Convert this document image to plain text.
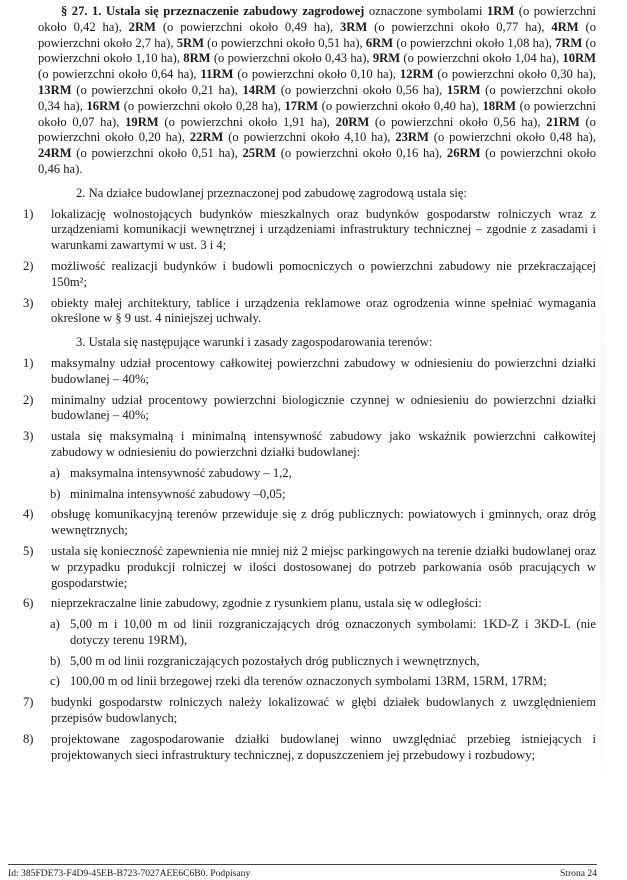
§ 27. 1. Ustala się przeznaczenie zabudowy zagrodowej oznaczone symbolami 1RM (o powierzchni około 0,42 ha), 2RM (o powierzchni około 0,49 ha), 3RM (o powierzchni około 0,77 ha), 4RM (o powierzchni około 2,7 ha), 5RM (o powierzchni około 0,51 ha), 6RM (o powierzchni około 1,08 ha), 7RM (o powierzchni około 1,10 ha), 8RM (o powierzchni około 0,43 ha), 9RM (o powierzchni około 1,04 ha), 10RM (o powierzchni około 0,64 ha), 11RM (o powierzchni około 0,10 ha), 12RM (o powierzchni około 0,30 ha), 13RM (o powierzchni około 0,21 ha), 14RM (o powierzchni około 0,56 ha), 15RM (o powierzchni około 0,34 ha), 16RM (o powierzchni około 0,28 ha), 17RM (o powierzchni około 0,40 ha), 18RM (o powierzchni około 0,07 ha), 19RM (o powierzchni około 1,91 ha), 20RM (o powierzchni około 0,56 ha), 21RM (o powierzchni około 0,20 ha), 22RM (o powierzchni około 4,10 ha), 23RM (o powierzchni około 0,48 ha), 24RM (o powierzchni około 0,51 ha), 25RM (o powierzchni około 0,16 ha), 26RM (o powierzchni około 0,46 ha).

2. Na działce budowlanej przeznaczonej pod zabudowę zagrodową ustala się:

1) lokalizację wolnostojących budynków mieszkalnych oraz budynków gospodarstw rolniczych wraz z urządzeniami komunikacji wewnętrznej i urządzeniami infrastruktury technicznej – zgodnie z zasadami i warunkami zawartymi w ust. 3 i 4;
2) możliwość realizacji budynków i budowli pomocniczych o powierzchni zabudowy nie przekraczającej 150m²;
3) obiekty małej architektury, tablice i urządzenia reklamowe oraz ogrodzenia winne spełniać wymagania określone w § 9 ust. 4 niniejszej uchwały.

3. Ustala się następujące warunki i zasady zagospodarowania terenów:

1) maksymalny udział procentowy całkowitej powierzchni zabudowy w odniesieniu do powierzchni działki budowlanej – 40%;
2) minimalny udział procentowy powierzchni biologicznie czynnej w odniesieniu do powierzchni działki budowlanej – 40%;
3) ustala się maksymalną i minimalną intensywność zabudowy jako wskaźnik powierzchni całkowitej zabudowy w odniesieniu do powierzchni działki budowlanej:
a) maksymalna intensywność zabudowy – 1,2,
b) minimalna intensywność zabudowy –0,05;
4) obsługę komunikacyjną terenów przewiduje się z dróg publicznych: powiatowych i gminnych, oraz dróg wewnętrznych;
5) ustala się konieczność zapewnienia nie mniej niż 2 miejsc parkingowych na terenie działki budowlanej oraz w przypadku produkcji rolniczej w ilości dostosowanej do potrzeb parkowania osób pracujących w gospodarstwie;
6) nieprzekraczalne linie zabudowy, zgodnie z rysunkiem planu, ustala się w odległości:
a) 5,00 m i 10,00 m od linii rozgraniczających dróg oznaczonych symbolami: 1KD-Z i 3KD-L (nie dotyczy terenu 19RM),
b) 5,00 m od linii rozgraniczających pozostałych dróg publicznych i wewnętrznych,
c) 100,00 m od linii brzegowej rzeki dla terenów oznaczonych symbolami 13RM, 15RM, 17RM;
7) budynki gospodarstw rolniczych należy lokalizować w głębi działek budowlanych z uwzględnieniem przepisów budowlanych;
8) projektowane zagospodarowanie działki budowlanej winno uwzględniać przebieg istniejących i projektowanych sieci infrastruktury technicznej, z dopuszczeniem jej przebudowy i rozbudowy;
Id: 385FDE73-F4D9-45EB-B723-7027AEE6C6B0. Podpisany	Strona 24
